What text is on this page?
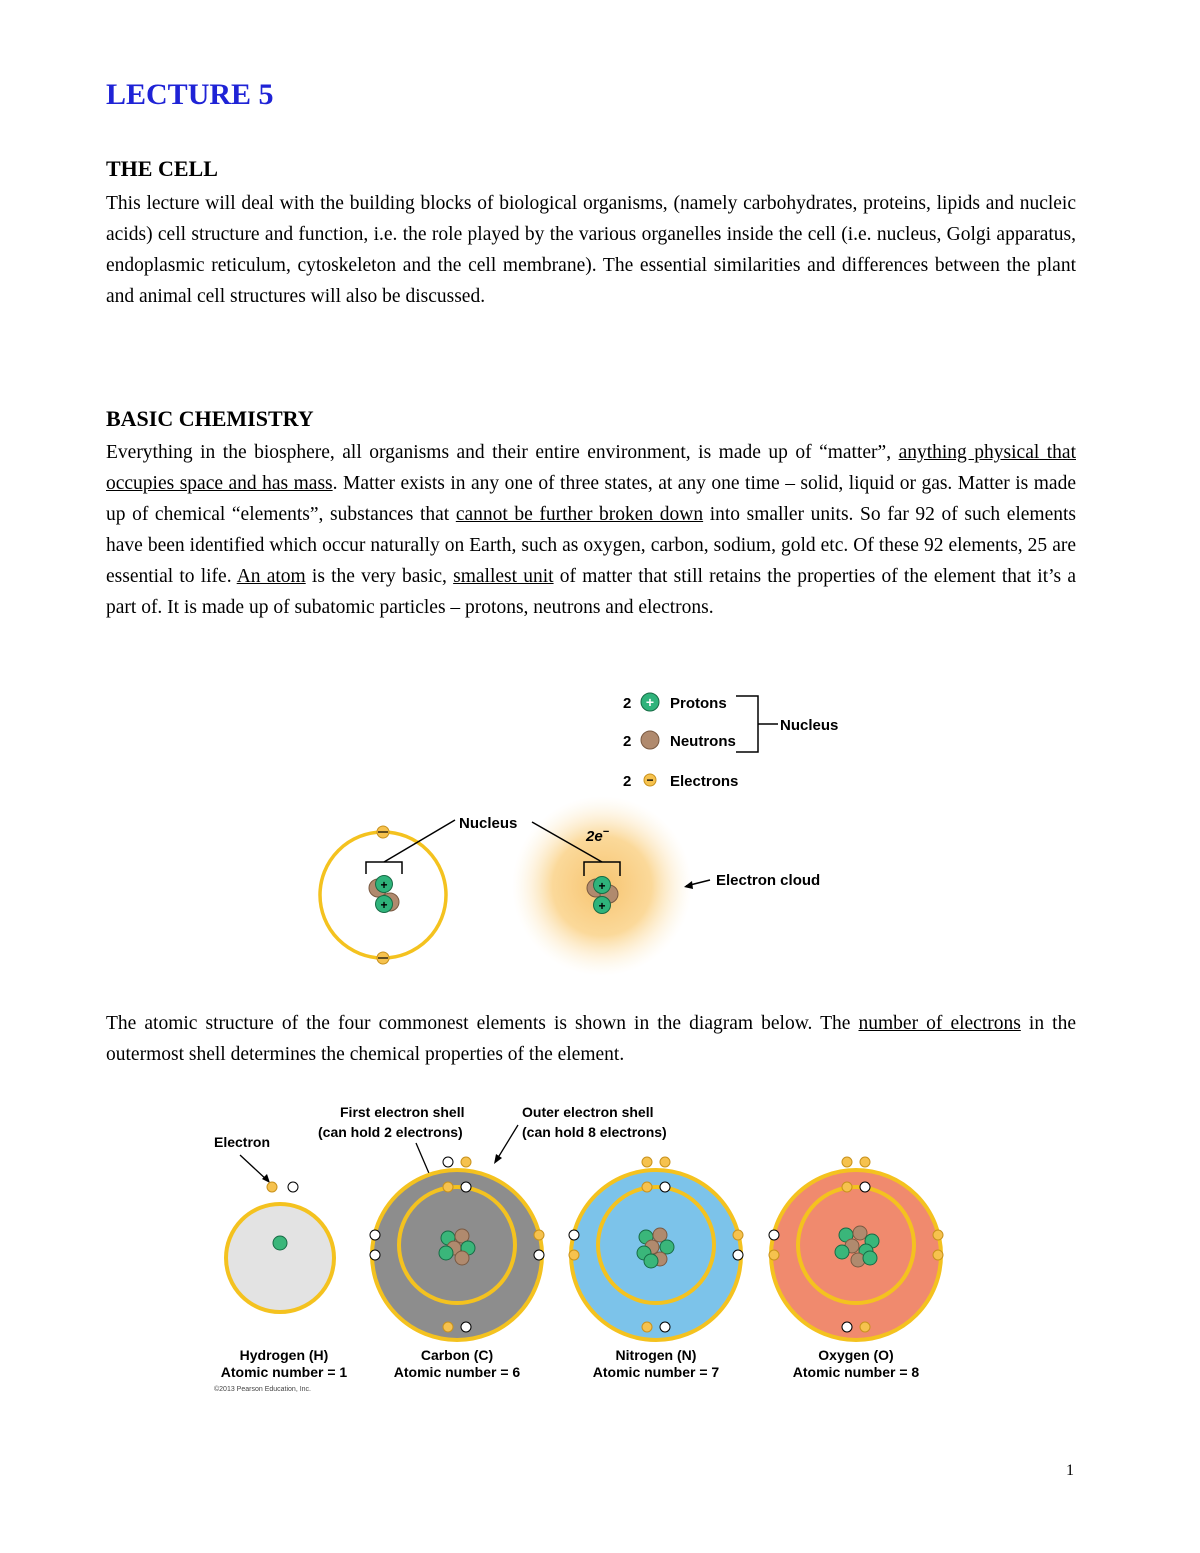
LECTURE 5
THE CELL
This lecture will deal with the building blocks of biological organisms, (namely carbohydrates, proteins, lipids and nucleic acids) cell structure and function, i.e. the role played by the various organelles inside the cell (i.e. nucleus, Golgi apparatus, endoplasmic reticulum, cytoskeleton and the cell membrane). The essential similarities and differences between the plant and animal cell structures will also be discussed.
BASIC CHEMISTRY
Everything in the biosphere, all organisms and their entire environment, is made up of “matter”, anything physical that occupies space and has mass. Matter exists in any one of three states, at any one time – solid, liquid or gas. Matter is made up of chemical “elements”, substances that cannot be further broken down into smaller units. So far 92 of such elements have been identified which occur naturally on Earth, such as oxygen, carbon, sodium, gold etc. Of these 92 elements, 25 are essential to life. An atom is the very basic, smallest unit of matter that still retains the properties of the element that it’s a part of. It is made up of subatomic particles – protons, neutrons and electrons.
2 + Protons
2	Neutrons
2 − Electrons
Nucleus
+
+
+
+
Nucleus
2e−
Electron cloud
The atomic structure of the four commonest elements is shown in the diagram below. The number of electrons in the outermost shell determines the chemical properties of the element.
Electron
First electron shell
(can hold 2 electrons)
Outer electron shell
(can hold 8 electrons)
Hydrogen (H)
Atomic number = 1
Carbon (C)
Atomic number = 6
Nitrogen (N)
Atomic number = 7
Oxygen (O)
Atomic number = 8
©2013 Pearson Education, Inc.
1
